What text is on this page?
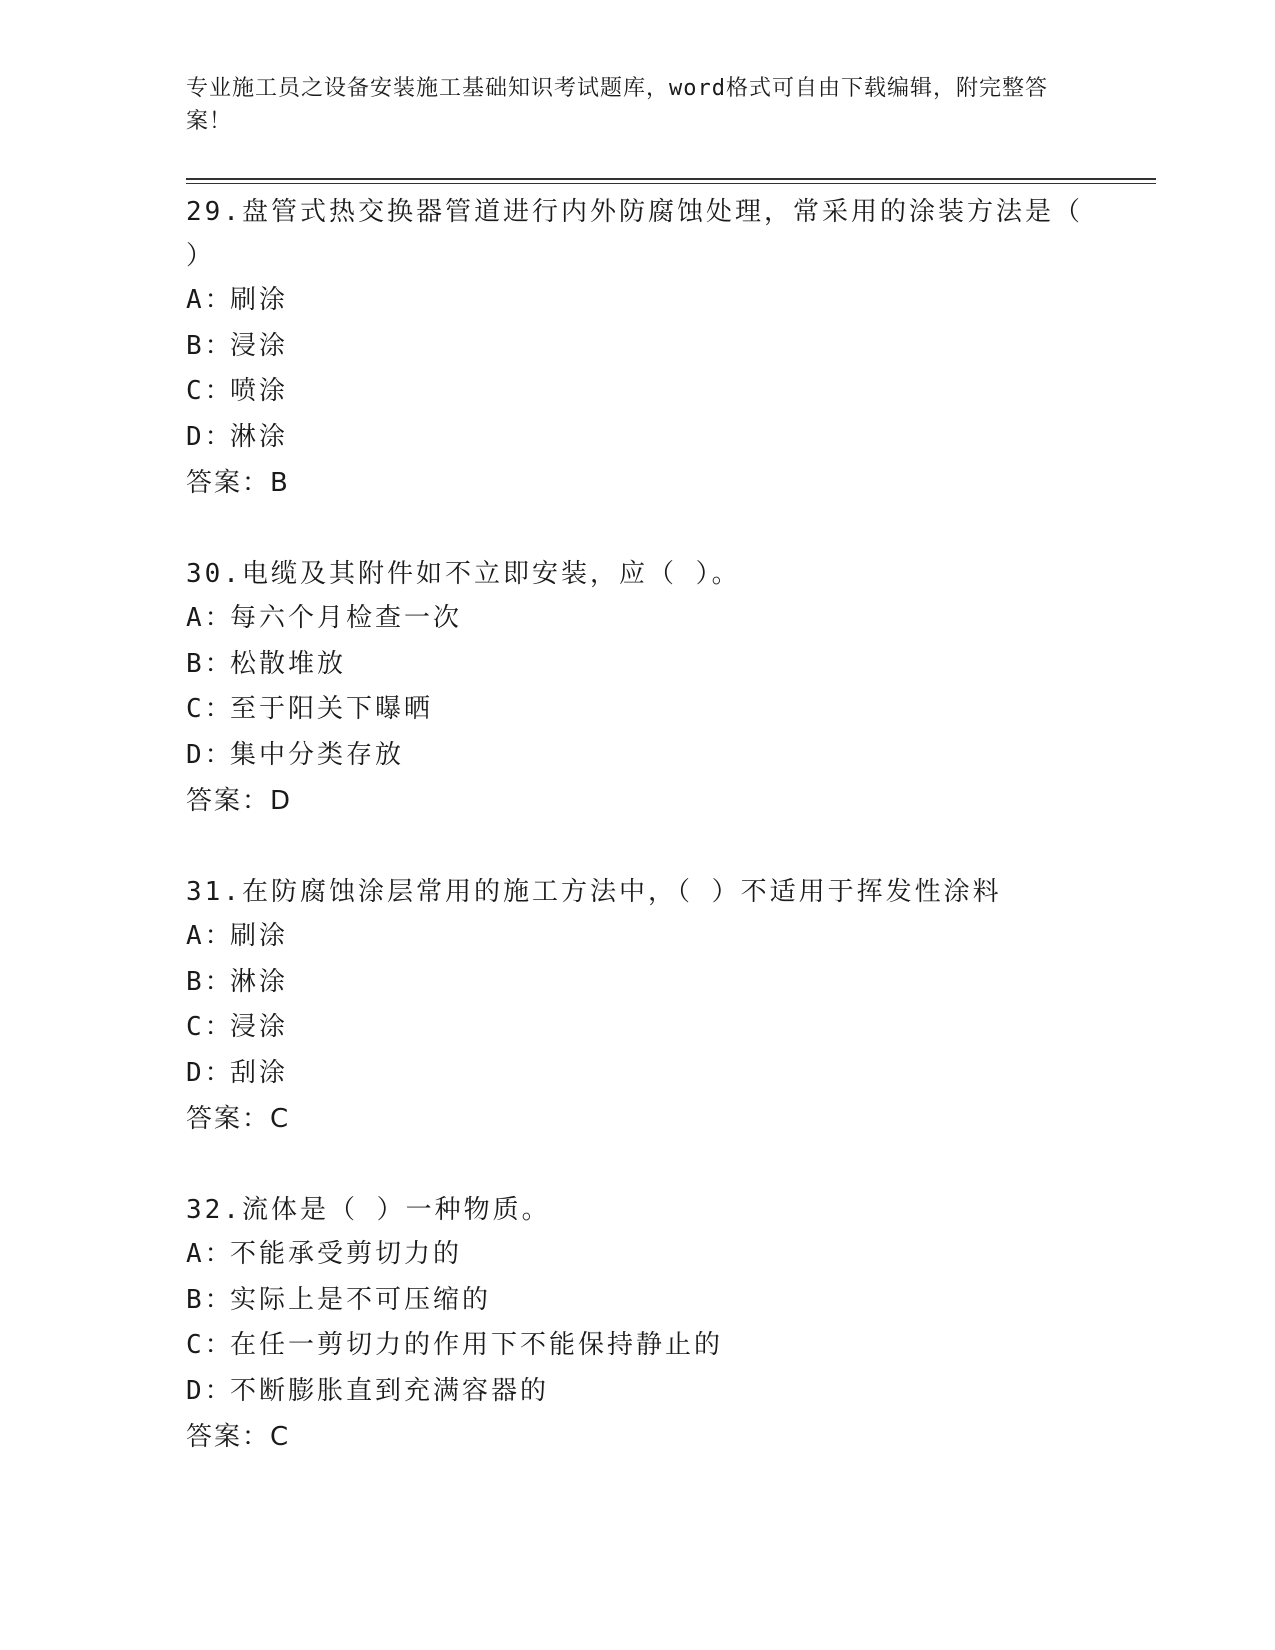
专业施工员之设备安装施工基础知识考试题库，word格式可自由下载编辑，附完整答案！
29.盘管式热交换器管道进行内外防腐蚀处理，常采用的涂装方法是（ ）
A：刷涂
B：浸涂
C：喷涂
D：淋涂
答案：B
30.电缆及其附件如不立即安装，应（ ）。
A：每六个月检查一次
B：松散堆放
C：至于阳关下曝晒
D：集中分类存放
答案：D
31.在防腐蚀涂层常用的施工方法中，（ ）不适用于挥发性涂料
A：刷涂
B：淋涂
C：浸涂
D：刮涂
答案：C
32.流体是（ ）一种物质。
A：不能承受剪切力的
B：实际上是不可压缩的
C：在任一剪切力的作用下不能保持静止的
D：不断膨胀直到充满容器的
答案：C
